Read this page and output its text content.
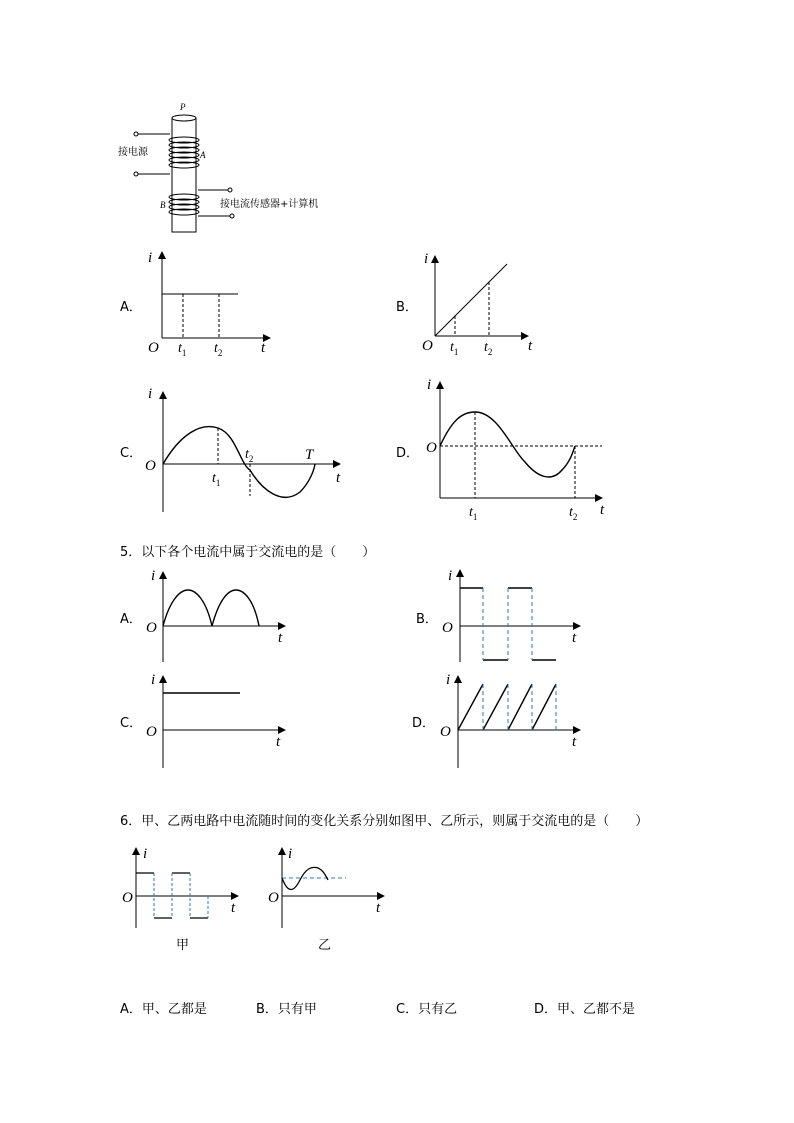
P
A
B
接电源
接电流传感器+计算机
A．
i
O	t
$t_1$ $t_2$
B．
i
O	t
$t_1$ $t_2$
C．
i
O
t
T
$t_1$
$t_2$	D．
i
O
t
$t_1$	$t_2$
5．以下各个电流中属于交流电的是（　　）
A．
i
O
t
B．
i
O
t
C．
i
O
t
D．
i
O
t
6．甲、乙两电路中电流随时间的变化关系分别如图甲、乙所示，则属于交流电的是（　　）
i
O
t
甲
i
O
t
乙
A．甲、乙都是	B．只有甲	C．只有乙	D．甲、乙都不是
